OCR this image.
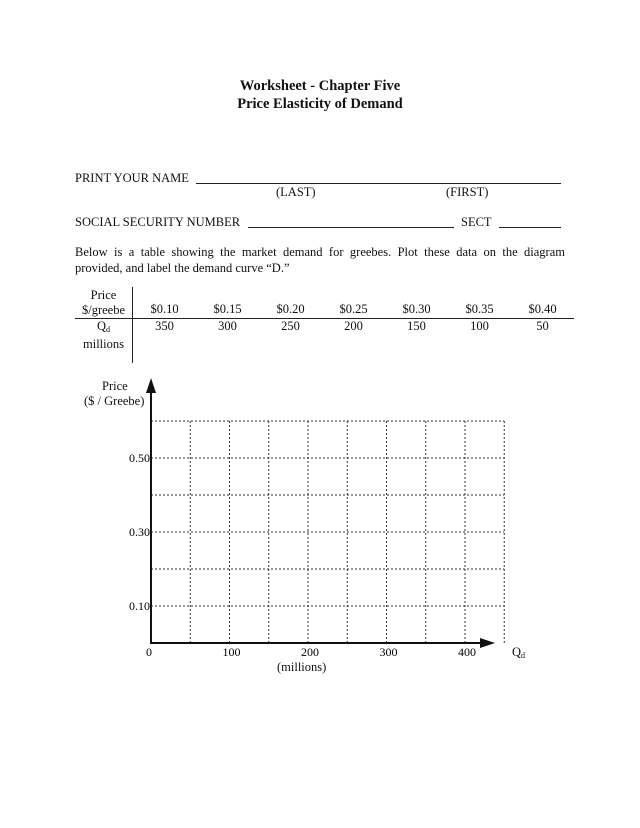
Worksheet - Chapter Five
Price Elasticity of Demand
PRINT YOUR NAME
(LAST)	(FIRST)
SOCIAL SECURITY NUMBER	SECT
Below is a table showing the market demand for greebes. Plot these data on the diagram provided, and label the demand curve “D.”
Price
$/greebe	$0.10	$0.15	$0.20	$0.25	$0.30	$0.35	$0.40

$Q_d$
millions	350	300	250	200	150	100	50
Price
($ / Greebe)
0.50
0.30
0.10
0	100	200	300	400	$Q_d$
(millions)
